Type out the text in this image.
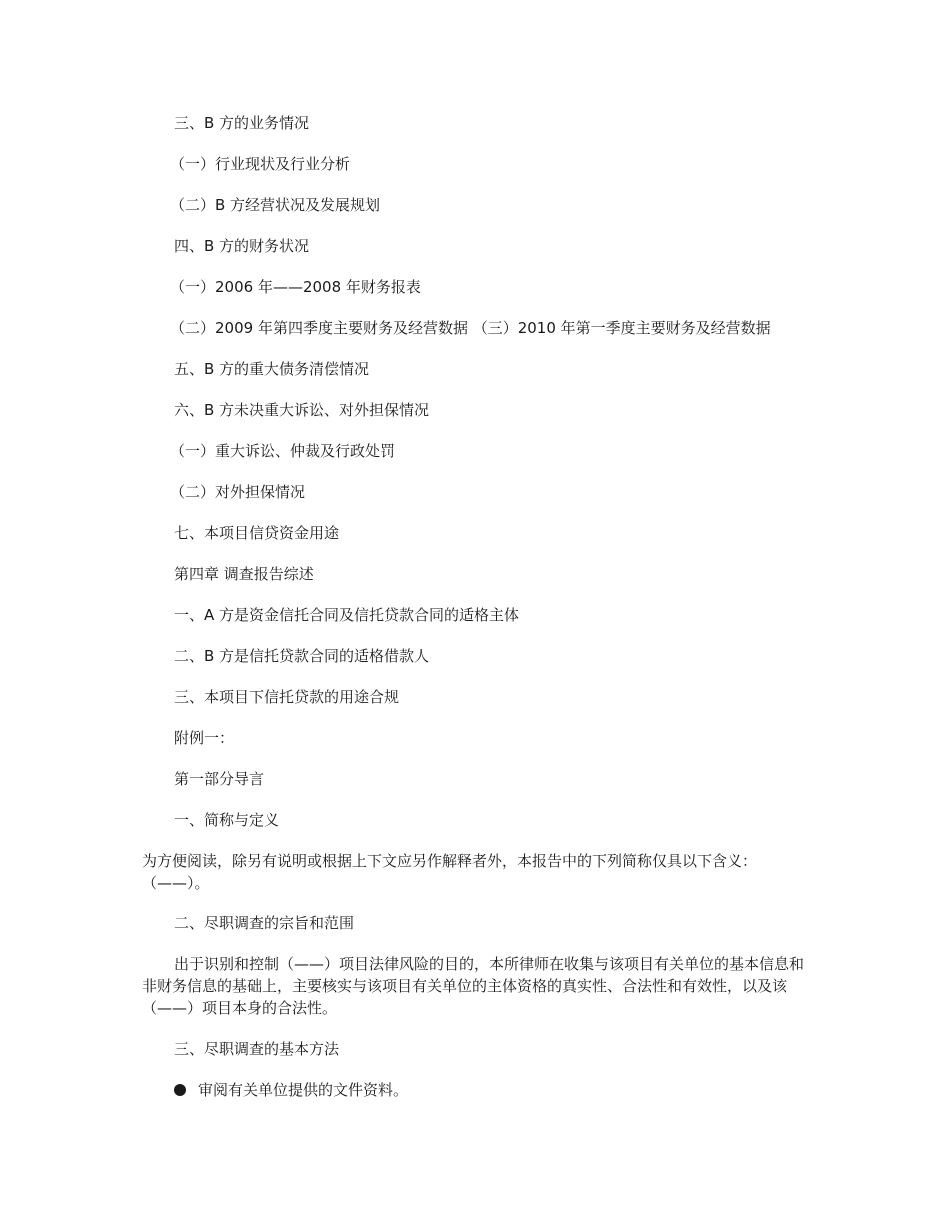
三、B 方的业务情况
（一）行业现状及行业分析
（二）B 方经营状况及发展规划
四、B 方的财务状况
（一）2006 年——2008 年财务报表
（二）2009 年第四季度主要财务及经营数据 （三）2010 年第一季度主要财务及经营数据
五、B 方的重大债务清偿情况
六、B 方未决重大诉讼、对外担保情况
（一）重大诉讼、仲裁及行政处罚
（二）对外担保情况
七、本项目信贷资金用途
第四章 调查报告综述
一、A 方是资金信托合同及信托贷款合同的适格主体
二、B 方是信托贷款合同的适格借款人
三、本项目下信托贷款的用途合规
附例一：
第一部分导言
一、简称与定义
为方便阅读，除另有说明或根据上下文应另作解释者外，本报告中的下列简称仅具以下含义：（——）。
二、尽职调查的宗旨和范围
出于识别和控制（——）项目法律风险的目的，本所律师在收集与该项目有关单位的基本信息和非财务信息的基础上，主要核实与该项目有关单位的主体资格的真实性、合法性和有效性，以及该（——）项目本身的合法性。
三、尽职调查的基本方法
审阅有关单位提供的文件资料。
